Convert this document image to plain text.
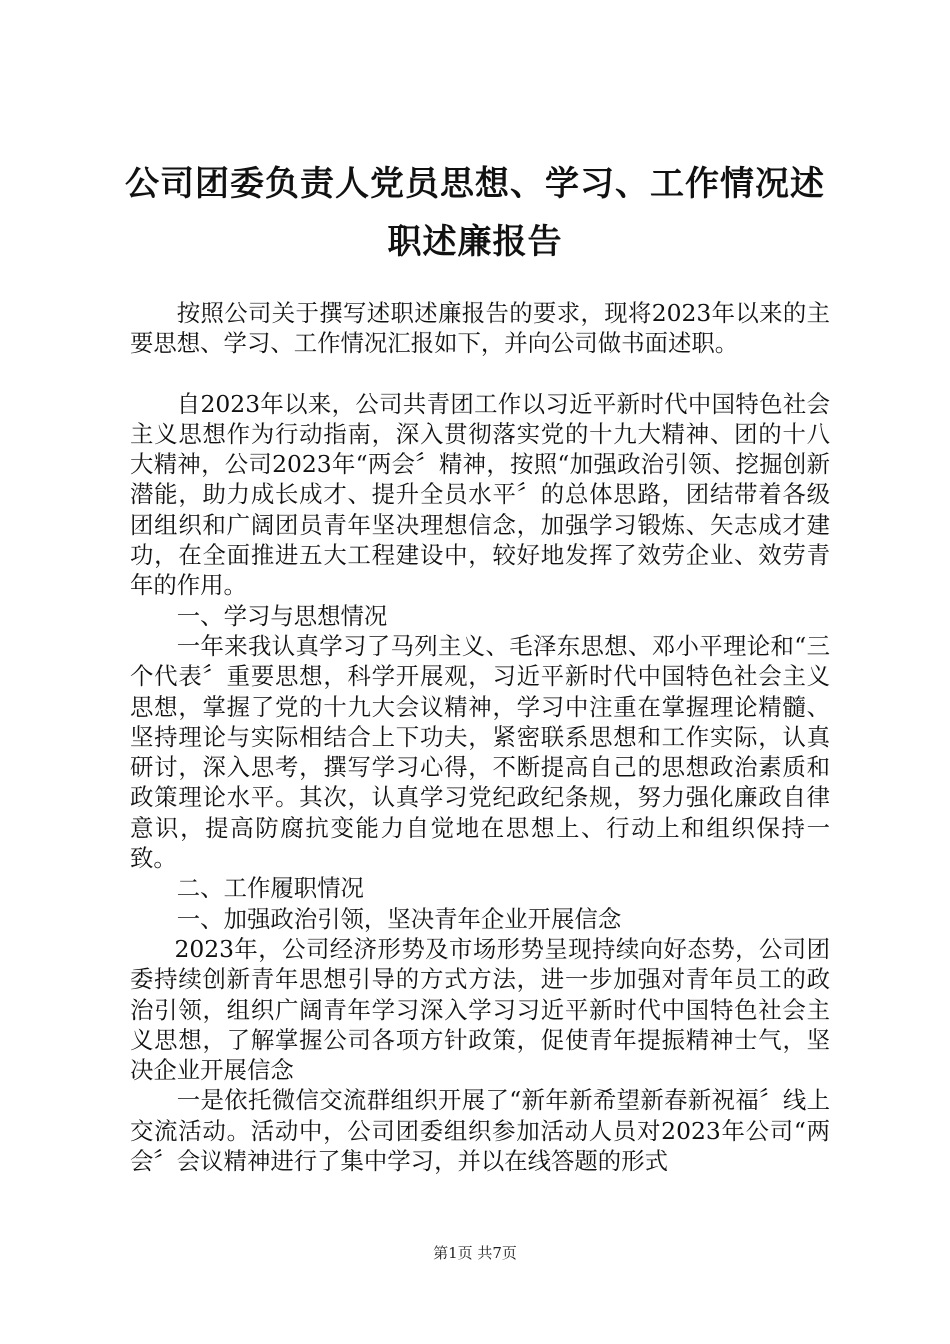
公司团委负责人党员思想、学习、工作情况述
职述廉报告

按照公司关于撰写述职述廉报告的要求，现将2023年以来的主要思想、学习、工作情况汇报如下，并向公司做书面述职。

自2023年以来，公司共青团工作以习近平新时代中国特色社会主义思想作为行动指南，深入贯彻落实党的十九大精神、团的十八大精神，公司2023年“两会〞精神，按照“加强政治引领、挖掘创新潜能，助力成长成才、提升全员水平〞的总体思路，团结带着各级团组织和广阔团员青年坚决理想信念，加强学习锻炼、矢志成才建功，在全面推进五大工程建设中，较好地发挥了效劳企业、效劳青年的作用。

一、学习与思想情况

一年来我认真学习了马列主义、毛泽东思想、邓小平理论和“三个代表〞重要思想，科学开展观，习近平新时代中国特色社会主义思想，掌握了党的十九大会议精神，学习中注重在掌握理论精髓、坚持理论与实际相结合上下功夫，紧密联系思想和工作实际，认真研讨，深入思考，撰写学习心得，不断提高自己的思想政治素质和政策理论水平。其次，认真学习党纪政纪条规，努力强化廉政自律意识，提高防腐抗变能力自觉地在思想上、行动上和组织保持一致。

二、工作履职情况

一、加强政治引领，坚决青年企业开展信念

2023年，公司经济形势及市场形势呈现持续向好态势，公司团委持续创新青年思想引导的方式方法，进一步加强对青年员工的政治引领，组织广阔青年学习深入学习习近平新时代中国特色社会主义思想，了解掌握公司各项方针政策，促使青年提振精神士气，坚决企业开展信念

一是依托微信交流群组织开展了“新年新希望新春新祝福〞线上交流活动。活动中，公司团委组织参加活动人员对2023年公司“两会〞会议精神进行了集中学习，并以在线答题的形式

第1页 共7页
